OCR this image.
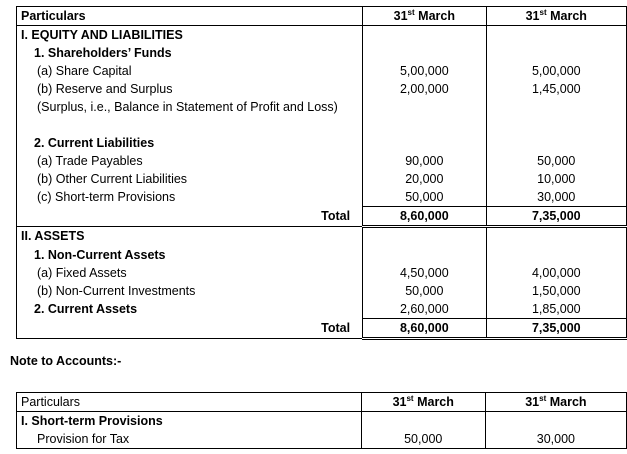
Particulars	31st March	31st March
I. EQUITY AND LIABILITIES		
1. Shareholders’ Funds		
(a) Share Capital	5,00,000	5,00,000
(b) Reserve and Surplus	2,00,000	1,45,000
(Surplus, i.e., Balance in Statement of Profit and Loss)		
2. Current Liabilities		
(a) Trade Payables	90,000	50,000
(b) Other Current Liabilities	20,000	10,000
(c) Short-term Provisions	50,000	30,000
Total	8,60,000	7,35,000
II. ASSETS		
1. Non-Current Assets		
(a) Fixed Assets	4,50,000	4,00,000
(b) Non-Current Investments	50,000	1,50,000
2. Current Assets	2,60,000	1,85,000
Total	8,60,000	7,35,000
Note to Accounts:-
Particulars	31st March	31st March
I. Short-term Provisions		
Provision for Tax	50,000	30,000
